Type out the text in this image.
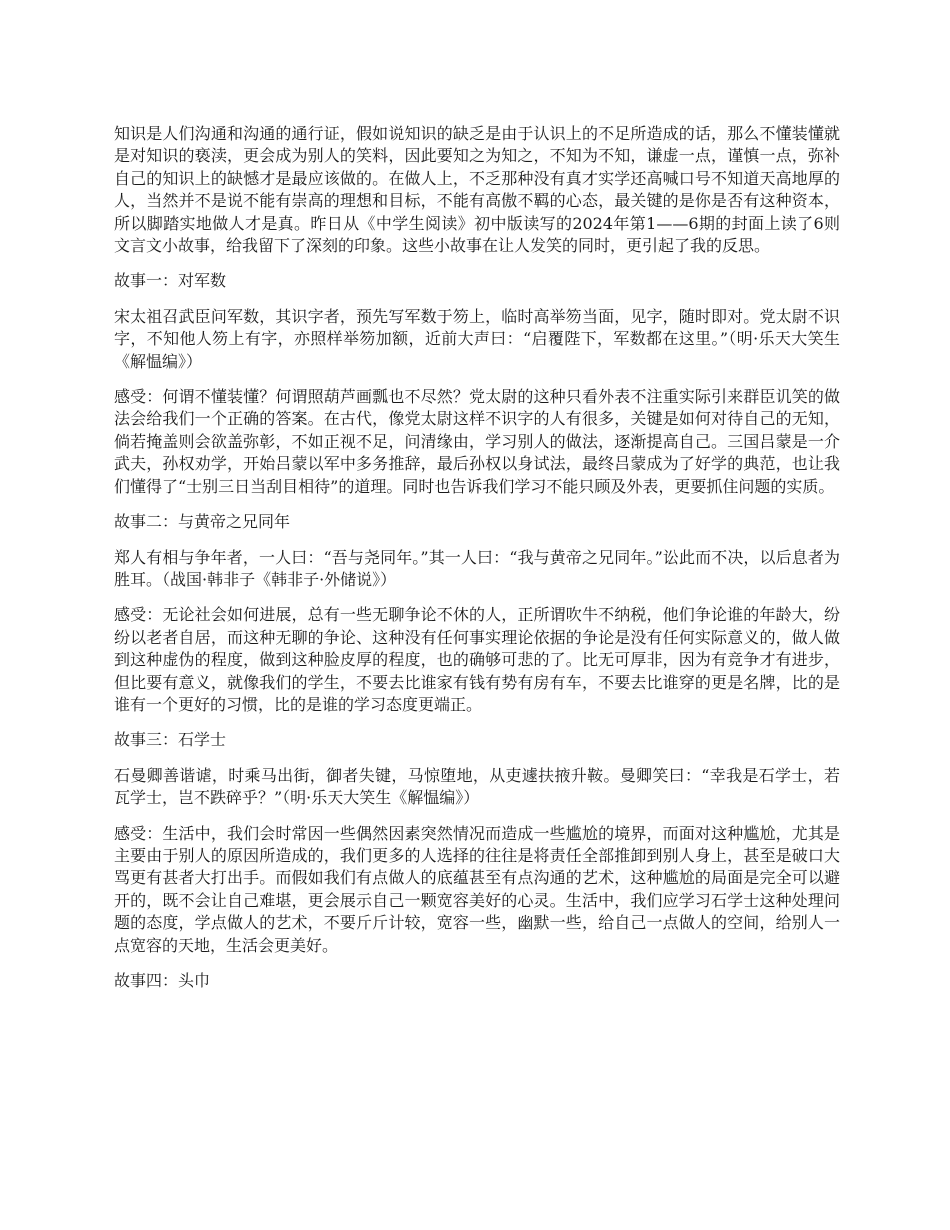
知识是人们沟通和沟通的通行证，假如说知识的缺乏是由于认识上的不足所造成的话，那么不懂装懂就是对知识的亵渎，更会成为别人的笑料，因此要知之为知之，不知为不知，谦虚一点，谨慎一点，弥补自己的知识上的缺憾才是最应该做的。在做人上，不乏那种没有真才实学还高喊口号不知道天高地厚的人，当然并不是说不能有崇高的理想和目标，不能有高傲不羁的心态，最关键的是你是否有这种资本，所以脚踏实地做人才是真。昨日从《中学生阅读》初中版读写的2024年第1——6期的封面上读了6则文言文小故事，给我留下了深刻的印象。这些小故事在让人发笑的同时，更引起了我的反思。

故事一：对军数

宋太祖召武臣问军数，其识字者，预先写军数于笏上，临时高举笏当面，见字，随时即对。党太尉不识字，不知他人笏上有字，亦照样举笏加额，近前大声曰：“启覆陛下，军数都在这里。”（明·乐天大笑生《解愠编》）

感受：何谓不懂装懂？何谓照葫芦画瓢也不尽然？党太尉的这种只看外表不注重实际引来群臣讥笑的做法会给我们一个正确的答案。在古代，像党太尉这样不识字的人有很多，关键是如何对待自己的无知，倘若掩盖则会欲盖弥彰，不如正视不足，问清缘由，学习别人的做法，逐渐提高自己。三国吕蒙是一介武夫，孙权劝学，开始吕蒙以军中多务推辞，最后孙权以身试法，最终吕蒙成为了好学的典范，也让我们懂得了“士别三日当刮目相待”的道理。同时也告诉我们学习不能只顾及外表，更要抓住问题的实质。

故事二：与黄帝之兄同年

郑人有相与争年者，一人曰：“吾与尧同年。”其一人曰：“我与黄帝之兄同年。”讼此而不决，以后息者为胜耳。（战国·韩非子《韩非子·外储说》）

感受：无论社会如何进展，总有一些无聊争论不休的人，正所谓吹牛不纳税，他们争论谁的年龄大，纷纷以老者自居，而这种无聊的争论、这种没有任何事实理论依据的争论是没有任何实际意义的，做人做到这种虚伪的程度，做到这种脸皮厚的程度，也的确够可悲的了。比无可厚非，因为有竞争才有进步，但比要有意义，就像我们的学生，不要去比谁家有钱有势有房有车，不要去比谁穿的更是名牌，比的是谁有一个更好的习惯，比的是谁的学习态度更端正。

故事三：石学士

石曼卿善谐谑，时乘马出街，御者失键，马惊堕地，从吏遽扶掖升鞍。曼卿笑曰：“幸我是石学士，若瓦学士，岂不跌碎乎？”（明·乐天大笑生《解愠编》）

感受：生活中，我们会时常因一些偶然因素突然情况而造成一些尴尬的境界，而面对这种尴尬，尤其是主要由于别人的原因所造成的，我们更多的人选择的往往是将责任全部推卸到别人身上，甚至是破口大骂更有甚者大打出手。而假如我们有点做人的底蕴甚至有点沟通的艺术，这种尴尬的局面是完全可以避开的，既不会让自己难堪，更会展示自己一颗宽容美好的心灵。生活中，我们应学习石学士这种处理问题的态度，学点做人的艺术，不要斤斤计较，宽容一些，幽默一些，给自己一点做人的空间，给别人一点宽容的天地，生活会更美好。

故事四：头巾
